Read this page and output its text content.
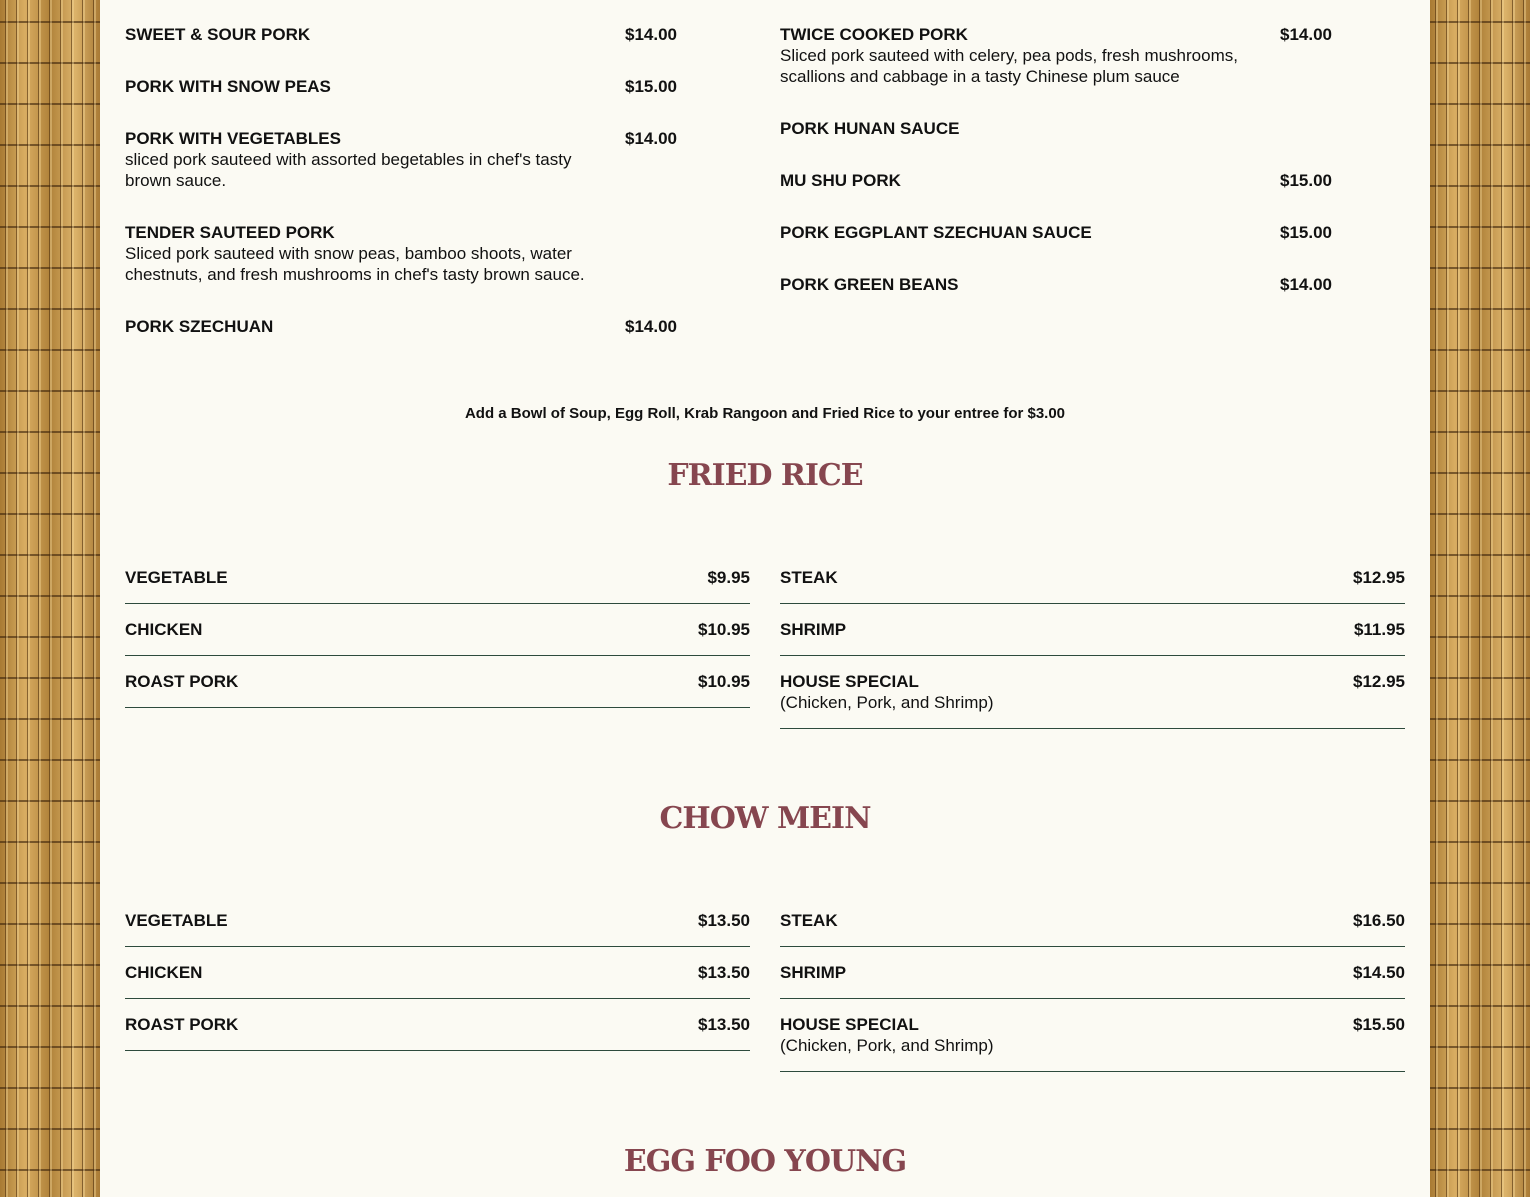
SWEET & SOUR PORK	$14.00
PORK WITH SNOW PEAS	$15.00
PORK WITH VEGETABLES
sliced pork sauteed with assorted begetables in chef's tasty
brown sauce.
$14.00
TENDER SAUTEED PORK
Sliced pork sauteed with snow peas, bamboo shoots, water
chestnuts, and fresh mushrooms in chef's tasty brown sauce.
PORK SZECHUAN	$14.00
TWICE COOKED PORK
Sliced pork sauteed with celery, pea pods, fresh mushrooms,
scallions and cabbage in a tasty Chinese plum sauce
$14.00
PORK HUNAN SAUCE
MU SHU PORK	$15.00
PORK EGGPLANT SZECHUAN SAUCE	$15.00
PORK GREEN BEANS	$14.00
Add a Bowl of Soup, Egg Roll, Krab Rangoon and Fried Rice to your entree for $3.00
FRIED RICE
VEGETABLE	$9.95
CHICKEN	$10.95
ROAST PORK	$10.95
STEAK	$12.95
SHRIMP	$11.95
HOUSE SPECIAL
(Chicken, Pork, and Shrimp)
$12.95
CHOW MEIN
VEGETABLE	$13.50
CHICKEN	$13.50
ROAST PORK	$13.50
STEAK	$16.50
SHRIMP	$14.50
HOUSE SPECIAL
(Chicken, Pork, and Shrimp)
$15.50
EGG FOO YOUNG
